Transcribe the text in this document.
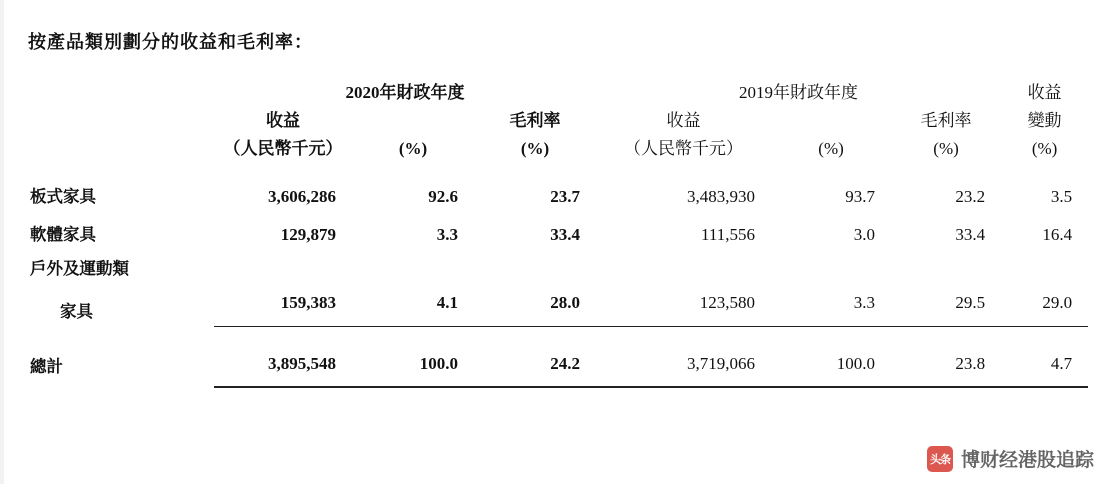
按產品類別劃分的收益和毛利率：
	2020年財政年度			2019年財政年度			收益
	收益		毛利率	收益		毛利率	變動
	（人民幣千元）	(%)	(%)	（人民幣千元）	(%)	(%)	(%)

板式家具	3,606,286	92.6	23.7	3,483,930	93.7	23.2	3.5
軟體家具	129,879	3.3	33.4	111,556	3.0	33.4	16.4
戶外及運動類							
家具	159,383	4.1	28.0	123,580	3.3	29.5	29.0

總計	3,895,548	100.0	24.2	3,719,066	100.0	23.8	4.7
头条 博财经港股追踪
